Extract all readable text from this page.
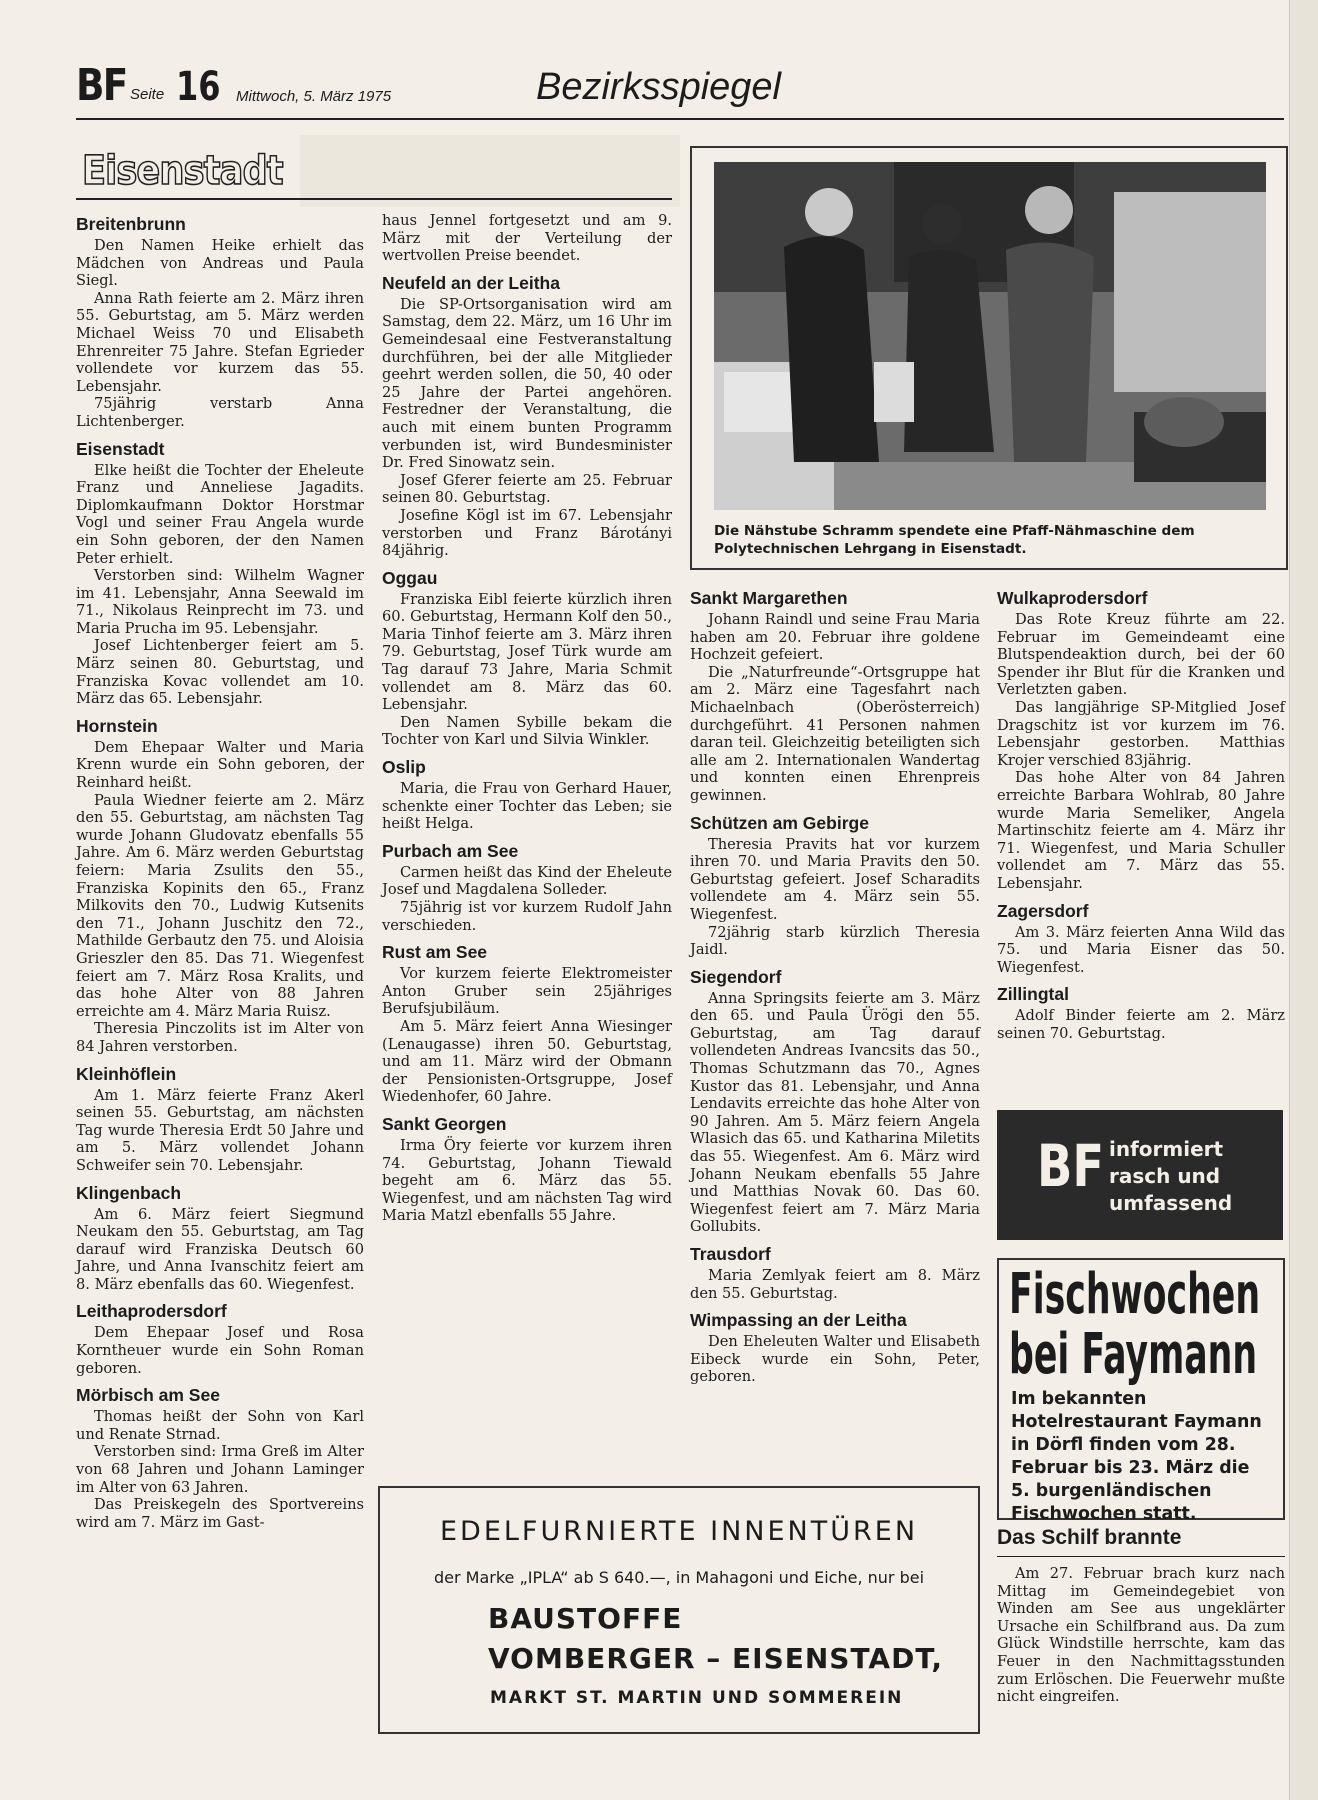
BF Seite 16 Mittwoch, 5. März 1975	Bezirksspiegel
Eisenstadt
Breitenbrunn

Den Namen Heike erhielt das Mädchen von Andreas und Paula Siegl.

Anna Rath feierte am 2. März ihren 55. Geburtstag, am 5. März werden Michael Weiss 70 und Elisabeth Ehrenreiter 75 Jahre. Stefan Egrieder vollendete vor kurzem das 55. Lebensjahr.

75jährig verstarb Anna Lichtenberger.

Eisenstadt

Elke heißt die Tochter der Eheleute Franz und Anneliese Jagadits. Diplomkaufmann Doktor Horstmar Vogl und seiner Frau Angela wurde ein Sohn geboren, der den Namen Peter erhielt.

Verstorben sind: Wilhelm Wagner im 41. Lebensjahr, Anna Seewald im 71., Nikolaus Reinprecht im 73. und Maria Prucha im 95. Lebensjahr.

Josef Lichtenberger feiert am 5. März seinen 80. Geburtstag, und Franziska Kovac vollendet am 10. März das 65. Lebensjahr.

Hornstein

Dem Ehepaar Walter und Maria Krenn wurde ein Sohn geboren, der Reinhard heißt.

Paula Wiedner feierte am 2. März den 55. Geburtstag, am nächsten Tag wurde Johann Gludovatz ebenfalls 55 Jahre. Am 6. März werden Geburtstag feiern: Maria Zsulits den 55., Franziska Kopinits den 65., Franz Milkovits den 70., Ludwig Kutsenits den 71., Johann Juschitz den 72., Mathilde Gerbautz den 75. und Aloisia Grieszler den 85. Das 71. Wiegenfest feiert am 7. März Rosa Kralits, und das hohe Alter von 88 Jahren erreichte am 4. März Maria Ruisz.

Theresia Pinczolits ist im Alter von 84 Jahren verstorben.

Kleinhöflein

Am 1. März feierte Franz Akerl seinen 55. Geburtstag, am nächsten Tag wurde Theresia Erdt 50 Jahre und am 5. März vollendet Johann Schweifer sein 70. Lebensjahr.

Klingenbach

Am 6. März feiert Siegmund Neukam den 55. Geburtstag, am Tag darauf wird Franziska Deutsch 60 Jahre, und Anna Ivanschitz feiert am 8. März ebenfalls das 60. Wiegenfest.

Leithaprodersdorf

Dem Ehepaar Josef und Rosa Korntheuer wurde ein Sohn Roman geboren.

Mörbisch am See

Thomas heißt der Sohn von Karl und Renate Strnad.

Verstorben sind: Irma Greß im Alter von 68 Jahren und Johann Laminger im Alter von 63 Jahren.

Das Preiskegeln des Sportvereins wird am 7. März im Gast-

haus Jennel fortgesetzt und am 9. März mit der Verteilung der wertvollen Preise beendet.

Neufeld an der Leitha

Die SP-Ortsorganisation wird am Samstag, dem 22. März, um 16 Uhr im Gemeindesaal eine Festveranstaltung durchführen, bei der alle Mitglieder geehrt werden sollen, die 50, 40 oder 25 Jahre der Partei angehören. Festredner der Veranstaltung, die auch mit einem bunten Programm verbunden ist, wird Bundesminister Dr. Fred Sinowatz sein.

Josef Gferer feierte am 25. Februar seinen 80. Geburtstag.

Josefine Kögl ist im 67. Lebensjahr verstorben und Franz Bárotányi 84jährig.

Oggau

Franziska Eibl feierte kürzlich ihren 60. Geburtstag, Hermann Kolf den 50., Maria Tinhof feierte am 3. März ihren 79. Geburtstag, Josef Türk wurde am Tag darauf 73 Jahre, Maria Schmit vollendet am 8. März das 60. Lebensjahr.

Den Namen Sybille bekam die Tochter von Karl und Silvia Winkler.

Oslip

Maria, die Frau von Gerhard Hauer, schenkte einer Tochter das Leben; sie heißt Helga.

Purbach am See

Carmen heißt das Kind der Eheleute Josef und Magdalena Solleder.

75jährig ist vor kurzem Rudolf Jahn verschieden.

Rust am See

Vor kurzem feierte Elektromeister Anton Gruber sein 25jähriges Berufsjubiläum.

Am 5. März feiert Anna Wiesinger (Lenaugasse) ihren 50. Geburtstag, und am 11. März wird der Obmann der Pensionisten-Ortsgruppe, Josef Wiedenhofer, 60 Jahre.

Sankt Georgen

Irma Öry feierte vor kurzem ihren 74. Geburtstag, Johann Tiewald begeht am 6. März das 55. Wiegenfest, und am nächsten Tag wird Maria Matzl ebenfalls 55 Jahre.

Die Nähstube Schramm spendete eine Pfaff-Nähmaschine dem Polytechnischen Lehrgang in Eisenstadt.
Sankt Margarethen

Johann Raindl und seine Frau Maria haben am 20. Februar ihre goldene Hochzeit gefeiert.

Die „Naturfreunde“-Ortsgruppe hat am 2. März eine Tagesfahrt nach Michaelnbach (Oberösterreich) durchgeführt. 41 Personen nahmen daran teil. Gleichzeitig beteiligten sich alle am 2. Internationalen Wandertag und konnten einen Ehrenpreis gewinnen.

Schützen am Gebirge

Theresia Pravits hat vor kurzem ihren 70. und Maria Pravits den 50. Geburtstag gefeiert. Josef Scharadits vollendete am 4. März sein 55. Wiegenfest.

72jährig starb kürzlich Theresia Jaidl.

Siegendorf

Anna Springsits feierte am 3. März den 65. und Paula Ürögi den 55. Geburtstag, am Tag darauf vollendeten Andreas Ivancsits das 50., Thomas Schutzmann das 70., Agnes Kustor das 81. Lebensjahr, und Anna Lendavits erreichte das hohe Alter von 90 Jahren. Am 5. März feiern Angela Wlasich das 65. und Katharina Miletits das 55. Wiegenfest. Am 6. März wird Johann Neukam ebenfalls 55 Jahre und Matthias Novak 60. Das 60. Wiegenfest feiert am 7. März Maria Gollubits.

Trausdorf

Maria Zemlyak feiert am 8. März den 55. Geburtstag.

Wimpassing an der Leitha

Den Eheleuten Walter und Elisabeth Eibeck wurde ein Sohn, Peter, geboren.

Wulkaprodersdorf

Das Rote Kreuz führte am 22. Februar im Gemeindeamt eine Blutspendeaktion durch, bei der 60 Spender ihr Blut für die Kranken und Verletzten gaben.

Das langjährige SP-Mitglied Josef Dragschitz ist vor kurzem im 76. Lebensjahr gestorben. Matthias Krojer verschied 83jährig.

Das hohe Alter von 84 Jahren erreichte Barbara Wohlrab, 80 Jahre wurde Maria Semeliker, Angela Martinschitz feierte am 4. März ihr 71. Wiegenfest, und Maria Schuller vollendet am 7. März das 55. Lebensjahr.

Zagersdorf

Am 3. März feierten Anna Wild das 75. und Maria Eisner das 50. Wiegenfest.

Zillingtal

Adolf Binder feierte am 2. März seinen 70. Geburtstag.

BF informiert
rasch und
umfassend
Fischwochen
bei Faymann
Im bekannten Hotelrestaurant Faymann in Dörfl finden vom 28. Februar bis 23. März die 5. burgenländischen Fischwochen statt.
Das Schilf brannte

Am 27. Februar brach kurz nach Mittag im Gemeindegebiet von Winden am See aus ungeklärter Ursache ein Schilfbrand aus. Da zum Glück Windstille herrschte, kam das Feuer in den Nachmittagsstunden zum Erlöschen. Die Feuerwehr mußte nicht eingreifen.

EDELFURNIERTE INNENTÜREN
der Marke „IPLA“ ab S 640.—, in Mahagoni und Eiche, nur bei
BAUSTOFFE
VOMBERGER – EISENSTADT,
MARKT ST. MARTIN UND SOMMEREIN
